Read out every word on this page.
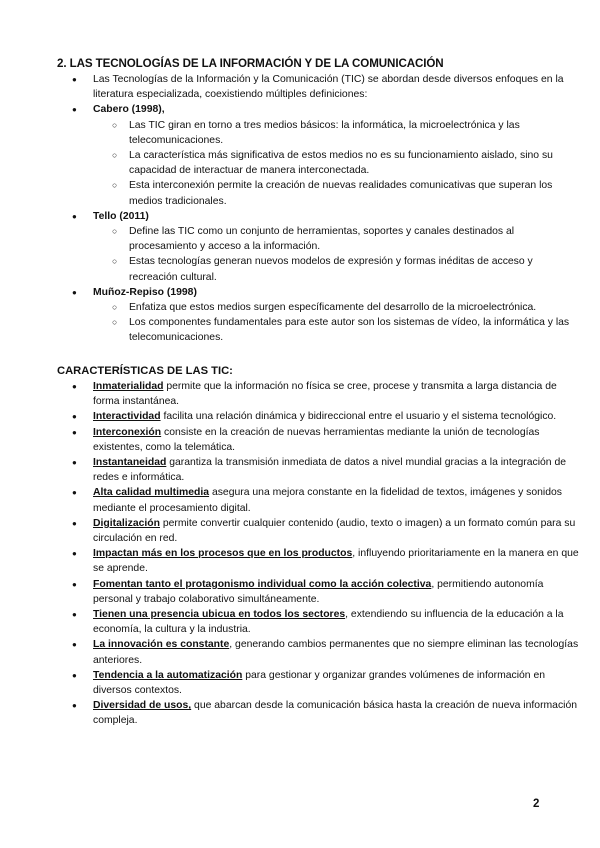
2. LAS TECNOLOGÍAS DE LA INFORMACIÓN Y DE LA COMUNICACIÓN
● Las Tecnologías de la Información y la Comunicación (TIC) se abordan desde diversos enfoques en la literatura especializada, coexistiendo múltiples definiciones:
● Cabero (1998),
○ Las TIC giran en torno a tres medios básicos: la informática, la microelectrónica y las telecomunicaciones.
○ La característica más significativa de estos medios no es su funcionamiento aislado, sino su capacidad de interactuar de manera interconectada.
○ Esta interconexión permite la creación de nuevas realidades comunicativas que superan los medios tradicionales.
● Tello (2011)
○ Define las TIC como un conjunto de herramientas, soportes y canales destinados al procesamiento y acceso a la información.
○ Estas tecnologías generan nuevos modelos de expresión y formas inéditas de acceso y recreación cultural.
● Muñoz-Repiso (1998)
○ Enfatiza que estos medios surgen específicamente del desarrollo de la microelectrónica.
○ Los componentes fundamentales para este autor son los sistemas de vídeo, la informática y las telecomunicaciones.
CARACTERÍSTICAS DE LAS TIC:
● Inmaterialidad permite que la información no física se cree, procese y transmita a larga distancia de forma instantánea.
● Interactividad facilita una relación dinámica y bidireccional entre el usuario y el sistema tecnológico.
● Interconexión consiste en la creación de nuevas herramientas mediante la unión de tecnologías existentes, como la telemática.
● Instantaneidad garantiza la transmisión inmediata de datos a nivel mundial gracias a la integración de redes e informática.
● Alta calidad multimedia asegura una mejora constante en la fidelidad de textos, imágenes y sonidos mediante el procesamiento digital.
● Digitalización permite convertir cualquier contenido (audio, texto o imagen) a un formato común para su circulación en red.
● Impactan más en los procesos que en los productos, influyendo prioritariamente en la manera en que se aprende.
● Fomentan tanto el protagonismo individual como la acción colectiva, permitiendo autonomía personal y trabajo colaborativo simultáneamente.
● Tienen una presencia ubicua en todos los sectores, extendiendo su influencia de la educación a la economía, la cultura y la industria.
● La innovación es constante, generando cambios permanentes que no siempre eliminan las tecnologías anteriores.
● Tendencia a la automatización para gestionar y organizar grandes volúmenes de información en diversos contextos.
● Diversidad de usos, que abarcan desde la comunicación básica hasta la creación de nueva información compleja.
2
